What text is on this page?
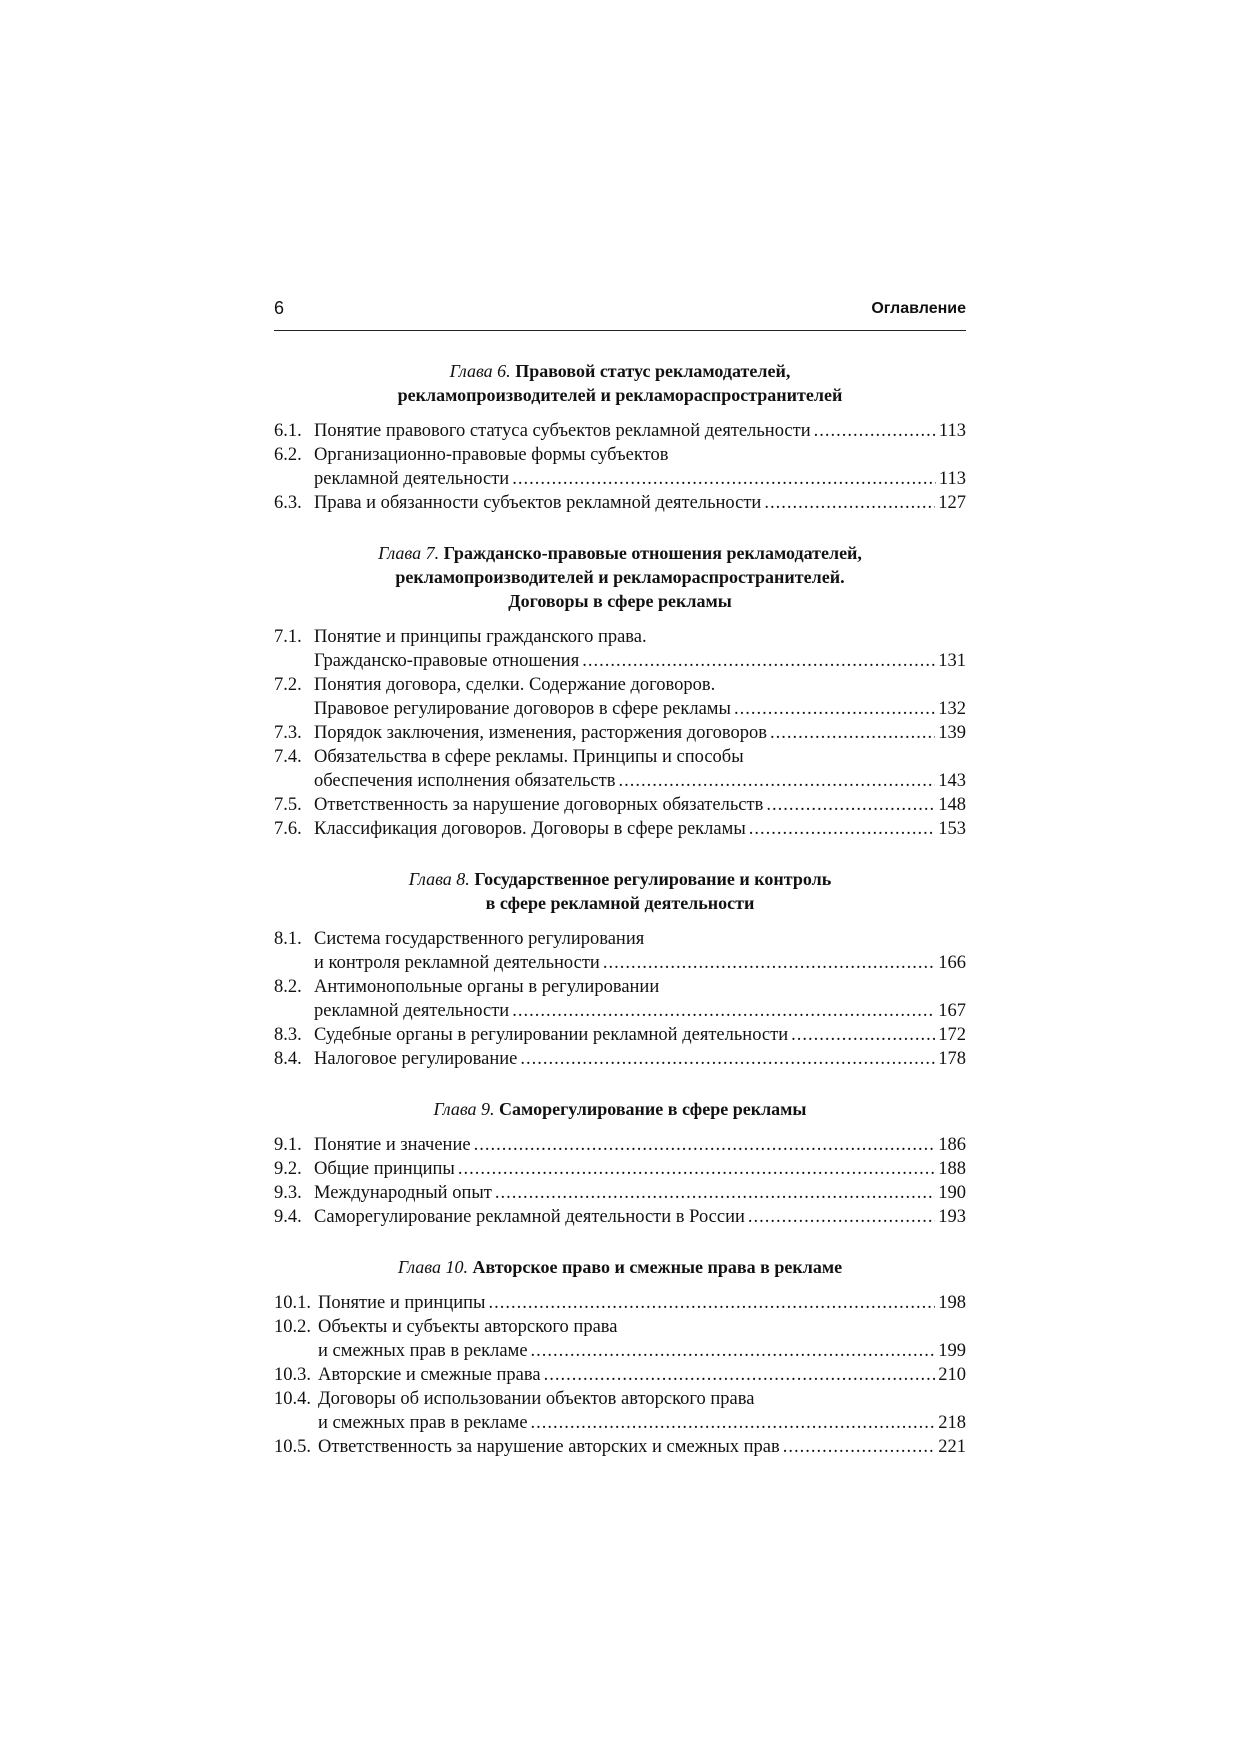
6	Оглавление
Глава 6. Правовой статус рекламодателей,
рекламопроизводителей и рекламораспространителей
6.1. Понятие правового статуса субъектов рекламной деятельности .....	113
6.2. Организационно-правовые формы субъектов
рекламной деятельности .....	113
6.3. Права и обязанности субъектов рекламной деятельности .....	127
Глава 7. Гражданско-правовые отношения рекламодателей,
рекламопроизводителей и рекламораспространителей.
Договоры в сфере рекламы
7.1. Понятие и принципы гражданского права.
Гражданско-правовые отношения .....	131
7.2. Понятия договора, сделки. Содержание договоров.
Правовое регулирование договоров в сфере рекламы .....	132
7.3. Порядок заключения, изменения, расторжения договоров .....	139
7.4. Обязательства в сфере рекламы. Принципы и способы
обеспечения исполнения обязательств .....	143
7.5. Ответственность за нарушение договорных обязательств .....	148
7.6. Классификация договоров. Договоры в сфере рекламы .....	153
Глава 8. Государственное регулирование и контроль
в сфере рекламной деятельности
8.1. Система государственного регулирования
и контроля рекламной деятельности .....	166
8.2. Антимонопольные органы в регулировании
рекламной деятельности .....	167
8.3. Судебные органы в регулировании рекламной деятельности .....	172
8.4. Налоговое регулирование .....	178
Глава 9. Саморегулирование в сфере рекламы
9.1. Понятие и значение .....	186
9.2. Общие принципы .....	188
9.3. Международный опыт .....	190
9.4. Саморегулирование рекламной деятельности в России .....	193
Глава 10. Авторское право и смежные права в рекламе
10.1. Понятие и принципы .....	198
10.2. Объекты и субъекты авторского права
и смежных прав в рекламе .....	199
10.3. Авторские и смежные права .....	210
10.4. Договоры об использовании объектов авторского права
и смежных прав в рекламе .....	218
10.5. Ответственность за нарушение авторских и смежных прав .....	221
